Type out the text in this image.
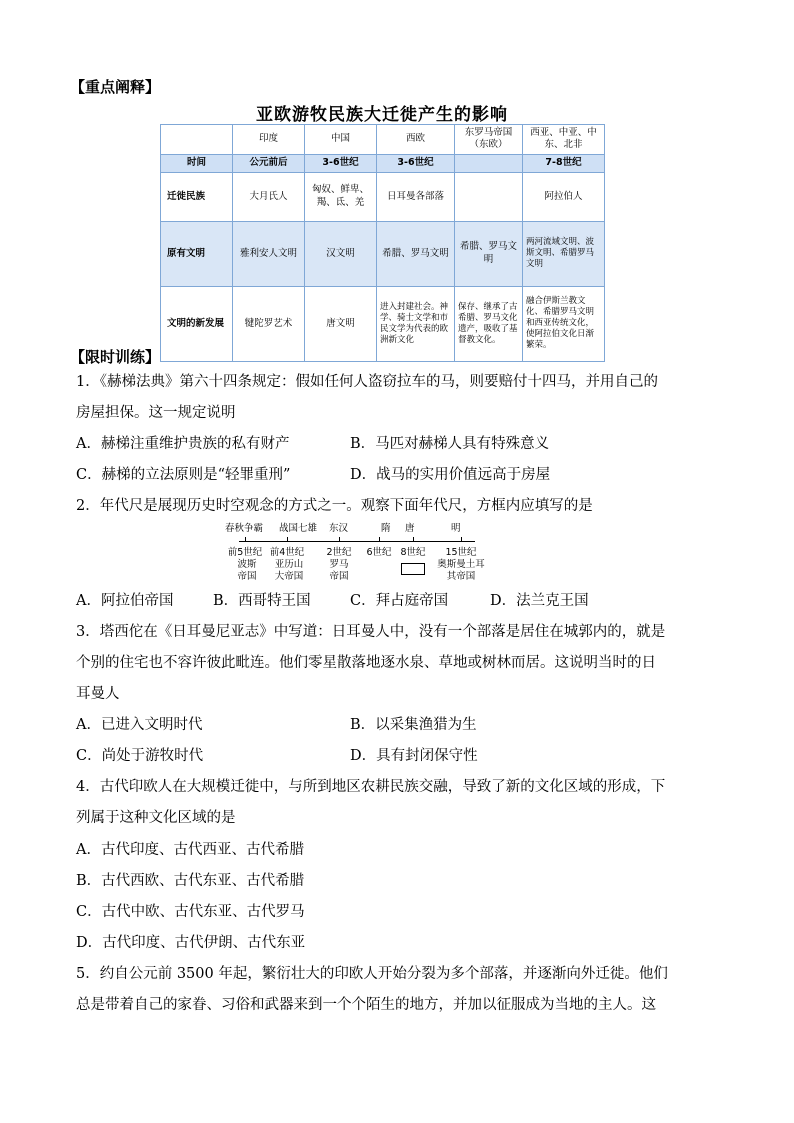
【重点阐释】
亚欧游牧民族大迁徙产生的影响
	印度	中国	西欧	东罗马帝国（东欧）	西亚、中亚、中东、北非
时间	公元前后	3-6世纪	3-6世纪		7-8世纪
迁徙民族	大月氏人	匈奴、鲜卑、羯、氐、羌	日耳曼各部落		阿拉伯人
原有文明	雅利安人文明	汉文明	希腊、罗马文明	希腊、罗马文明	两河流域文明、波斯文明、希腊罗马文明
文明的新发展	犍陀罗艺术	唐文明	进入封建社会。神学、骑士文学和市民文学为代表的欧洲新文化	保存、继承了古希腊、罗马文化遗产，吸收了基督教文化。	融合伊斯兰教文化、希腊罗马文明和西亚传统文化，使阿拉伯文化日渐繁荣。
【限时训练】
1．《赫梯法典》第六十四条规定：假如任何人盗窃拉车的马，则要赔付十四马，并用自己的
房屋担保。这一规定说明
A．赫梯注重维护贵族的私有财产	B．马匹对赫梯人具有特殊意义
C．赫梯的立法原则是“轻罪重刑”	D．战马的实用价值远高于房屋
2．年代尺是展现历史时空观念的方式之一。观察下面年代尺，方框内应填写的是
春秋争霸 战国七雄 东汉	隋 唐	明
前5世纪
波斯帝国
前4世纪
亚历山大帝国
2世纪
罗马帝国
6世纪 8世纪	15世纪
奥斯曼土耳其帝国
A．阿拉伯帝国	B．西哥特王国	C．拜占庭帝国	D．法兰克王国
3．塔西佗在《日耳曼尼亚志》中写道：日耳曼人中，没有一个部落是居住在城郭内的，就是
个别的住宅也不容许彼此毗连。他们零星散落地逐水泉、草地或树林而居。这说明当时的日
耳曼人
A．已进入文明时代	B．以采集渔猎为生
C．尚处于游牧时代	D．具有封闭保守性
4．古代印欧人在大规模迁徙中，与所到地区农耕民族交融，导致了新的文化区域的形成，下
列属于这种文化区域的是
A．古代印度、古代西亚、古代希腊
B．古代西欧、古代东亚、古代希腊
C．古代中欧、古代东亚、古代罗马
D．古代印度、古代伊朗、古代东亚
5．约自公元前 3500 年起，繁衍壮大的印欧人开始分裂为多个部落，并逐渐向外迁徙。他们
总是带着自己的家眷、习俗和武器来到一个个陌生的地方，并加以征服成为当地的主人。这
